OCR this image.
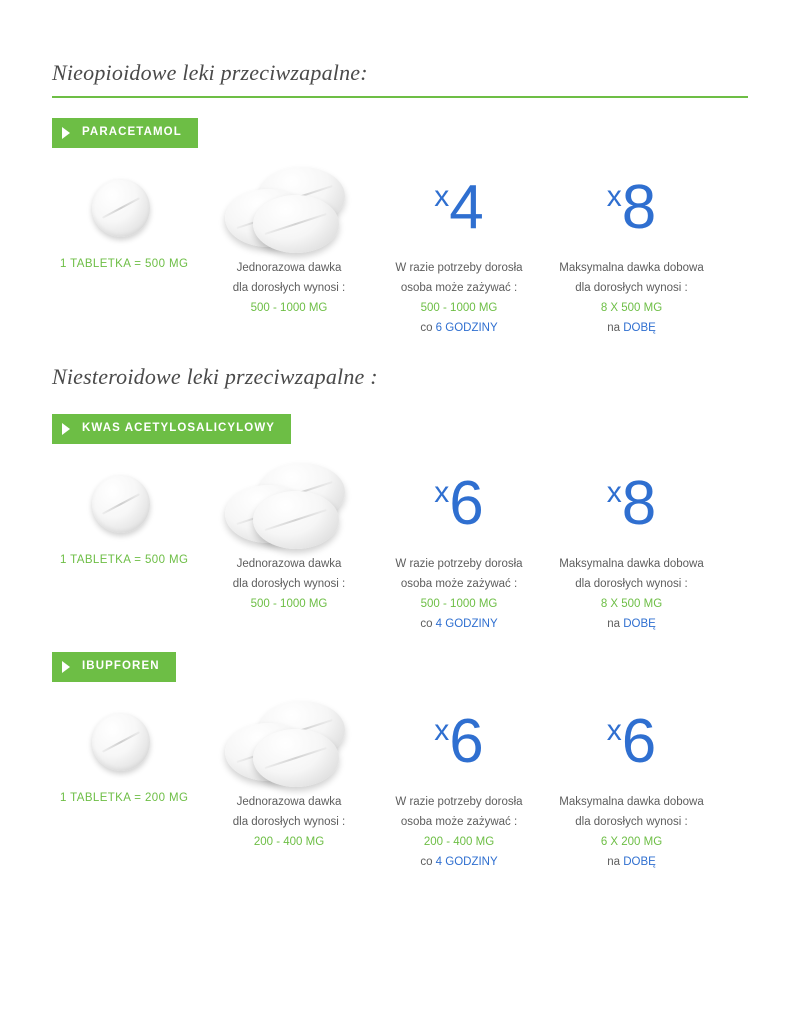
Nieopioidowe leki przeciwzapalne:
PARACETAMOL
1 TABLETKA = 500 MG	Jednorazowa dawka
dla dorosłych wynosi :
500 - 1000 MG
x4
W razie potrzeby dorosła
osoba może zażywać :
500 - 1000 MG
co 6 GODZINY
x8
Maksymalna dawka dobowa
dla dorosłych wynosi :
8 X 500 MG
na DOBĘ
Niesteroidowe leki przeciwzapalne :
KWAS ACETYLOSALICYLOWY
1 TABLETKA = 500 MG	Jednorazowa dawka
dla dorosłych wynosi :
500 - 1000 MG
x6
W razie potrzeby dorosła
osoba może zażywać :
500 - 1000 MG
co 4 GODZINY
x8
Maksymalna dawka dobowa
dla dorosłych wynosi :
8 X 500 MG
na DOBĘ
IBUPFOREN
1 TABLETKA = 200 MG	Jednorazowa dawka
dla dorosłych wynosi :
200 - 400 MG
x6
W razie potrzeby dorosła
osoba może zażywać :
200 - 400 MG
co 4 GODZINY
x6
Maksymalna dawka dobowa
dla dorosłych wynosi :
6 X 200 MG
na DOBĘ
